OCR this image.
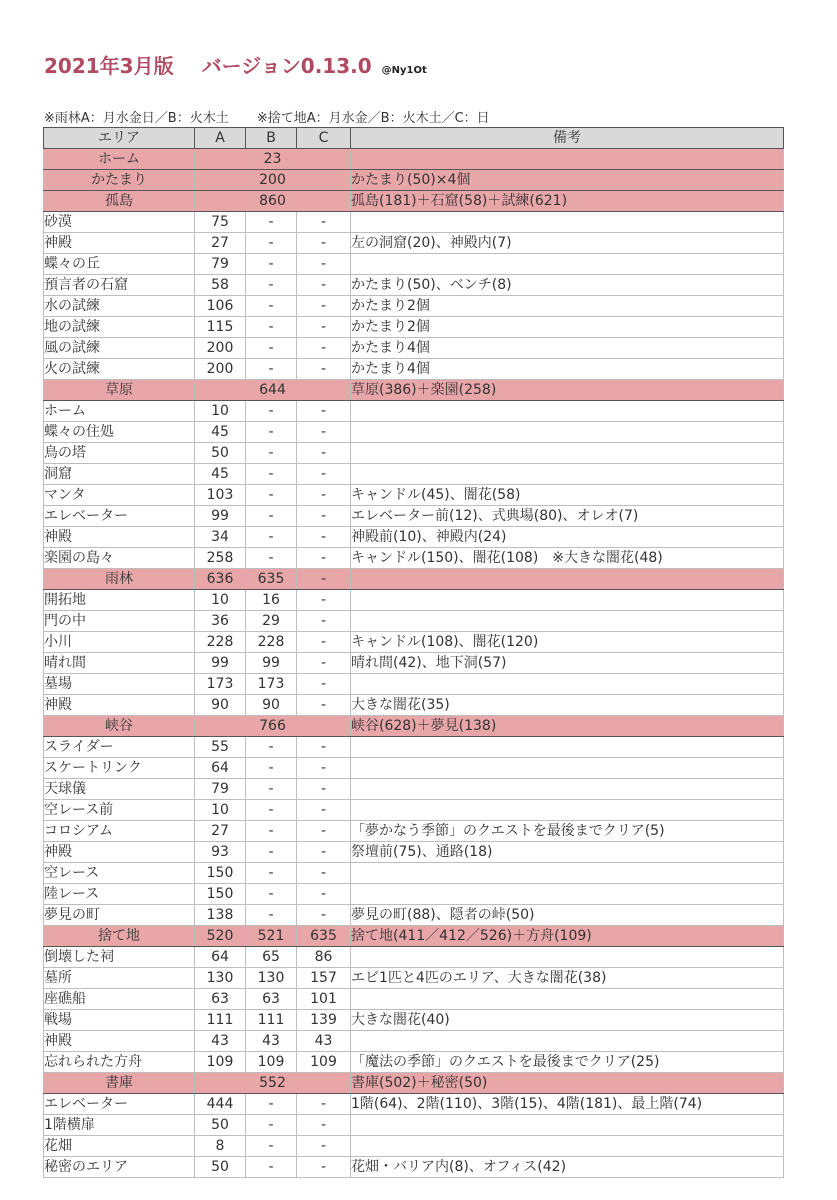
2021年3月版 バージョン0.13.0 @Ny1Ot
※雨林A：月水金日／B：火木土 ※捨て地A：月水金／B：火木土／C：日
エリア	A	B	C	備考
ホーム	23			
かたまり	200			かたまり(50)×4個
孤島	860			孤島(181)＋石窟(58)＋試練(621)
砂漠	75	-	-	
神殿	27	-	-	左の洞窟(20)、神殿内(7)
蝶々の丘	79	-	-	
預言者の石窟	58	-	-	かたまり(50)、ベンチ(8)
水の試練	106	-	-	かたまり2個
地の試練	115	-	-	かたまり2個
風の試練	200	-	-	かたまり4個
火の試練	200	-	-	かたまり4個
草原	644			草原(386)＋楽園(258)
ホーム	10	-	-	
蝶々の住処	45	-	-	
鳥の塔	50	-	-	
洞窟	45	-	-	
マンタ	103	-	-	キャンドル(45)、闇花(58)
エレベーター	99	-	-	エレベーター前(12)、式典場(80)、オレオ(7)
神殿	34	-	-	神殿前(10)、神殿内(24)
楽園の島々	258	-	-	キャンドル(150)、闇花(108)　※大きな闇花(48)
雨林	636	635	-	
開拓地	10	16	-	
門の中	36	29	-	
小川	228	228	-	キャンドル(108)、闇花(120)
晴れ間	99	99	-	晴れ間(42)、地下洞(57)
墓場	173	173	-	
神殿	90	90	-	大きな闇花(35)
峡谷	766			峡谷(628)＋夢見(138)
スライダー	55	-	-	
スケートリンク	64	-	-	
天球儀	79	-	-	
空レース前	10	-	-	
コロシアム	27	-	-	「夢かなう季節」のクエストを最後までクリア(5)
神殿	93	-	-	祭壇前(75)、通路(18)
空レース	150	-	-	
陸レース	150	-	-	
夢見の町	138	-	-	夢見の町(88)、隠者の峠(50)
捨て地	520	521	635	捨て地(411／412／526)＋方舟(109)
倒壊した祠	64	65	86	
墓所	130	130	157	エビ1匹と4匹のエリア、大きな闇花(38)
座礁船	63	63	101	
戦場	111	111	139	大きな闇花(40)
神殿	43	43	43	
忘れられた方舟	109	109	109	「魔法の季節」のクエストを最後までクリア(25)
書庫	552			書庫(502)＋秘密(50)
エレベーター	444	-	-	1階(64)、2階(110)、3階(15)、4階(181)、最上階(74)
1階横扉	50	-	-	
花畑	8	-	-	
秘密のエリア	50	-	-	花畑・バリア内(8)、オフィス(42)
